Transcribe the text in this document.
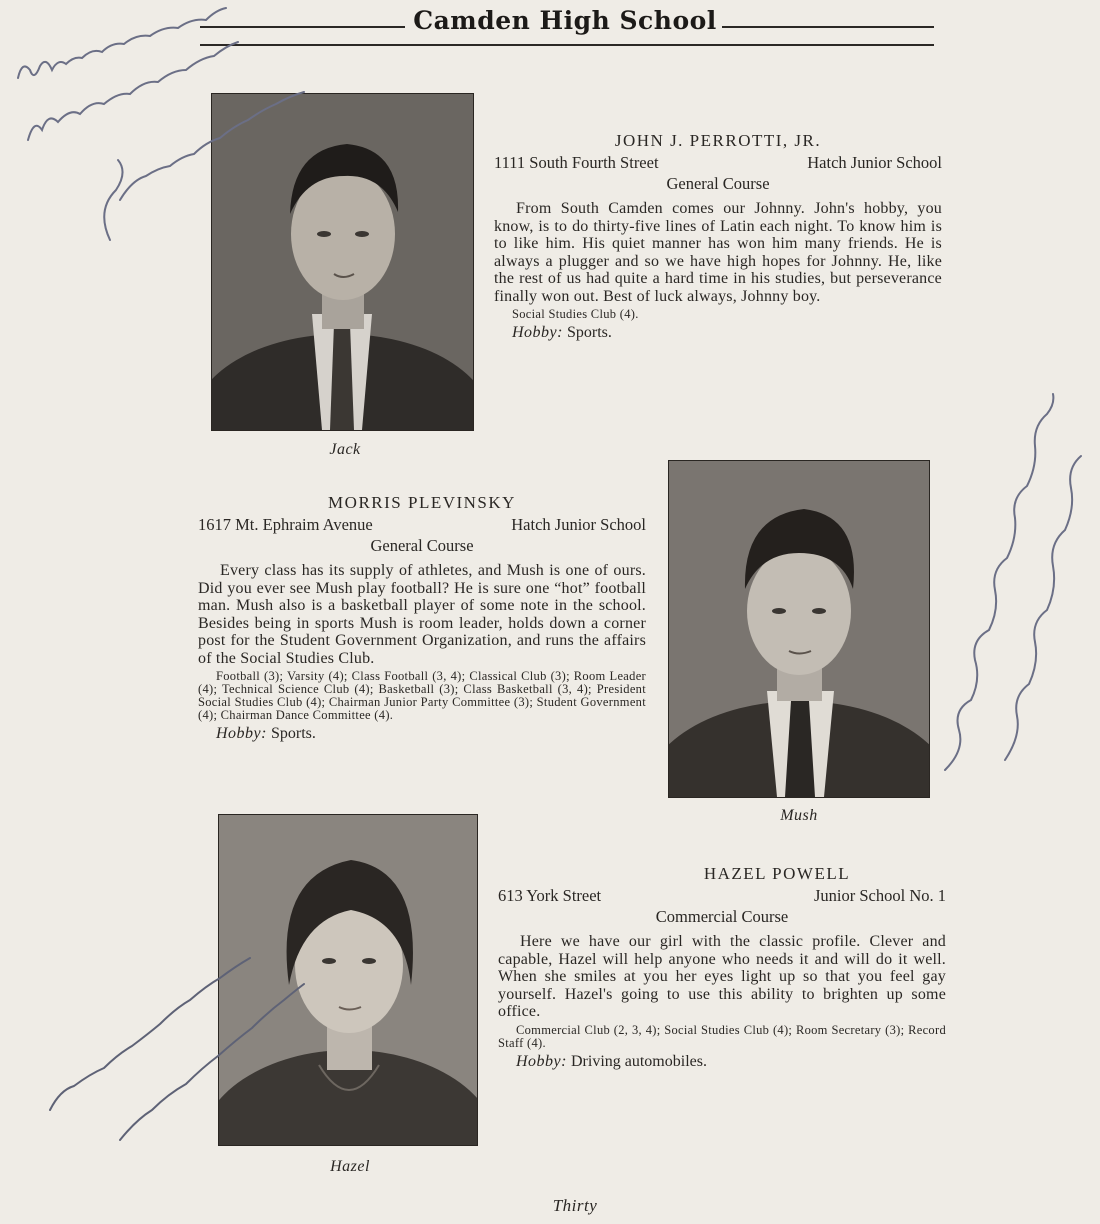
Camden High School
Jack
JOHN J. PERROTTI, JR.
1111 South Fourth Street	Hatch Junior School
General Course
From South Camden comes our Johnny. John's hobby, you know, is to do thirty-five lines of Latin each night. To know him is to like him. His quiet manner has won him many friends. He is always a plugger and so we have high hopes for Johnny. He, like the rest of us had quite a hard time in his studies, but perseverance finally won out. Best of luck always, Johnny boy.
Social Studies Club (4).
Hobby: Sports.
MORRIS PLEVINSKY
1617 Mt. Ephraim Avenue	Hatch Junior School
General Course
Every class has its supply of athletes, and Mush is one of ours. Did you ever see Mush play football? He is sure one “hot” football man. Mush also is a basketball player of some note in the school. Besides being in sports Mush is room leader, holds down a corner post for the Student Government Organization, and runs the affairs of the Social Studies Club.
Football (3); Varsity (4); Class Football (3, 4); Classical Club (3); Room Leader (4); Technical Science Club (4); Basketball (3); Class Basketball (3, 4); President Social Studies Club (4); Chairman Junior Party Committee (3); Student Government (4); Chairman Dance Committee (4).
Hobby: Sports.
Mush
Hazel
HAZEL POWELL
613 York Street	Junior School No. 1
Commercial Course
Here we have our girl with the classic profile. Clever and capable, Hazel will help anyone who needs it and will do it well. When she smiles at you her eyes light up so that you feel gay yourself. Hazel's going to use this ability to brighten up some office.
Commercial Club (2, 3, 4); Social Studies Club (4); Room Secretary (3); Record Staff (4).
Hobby: Driving automobiles.
Thirty
